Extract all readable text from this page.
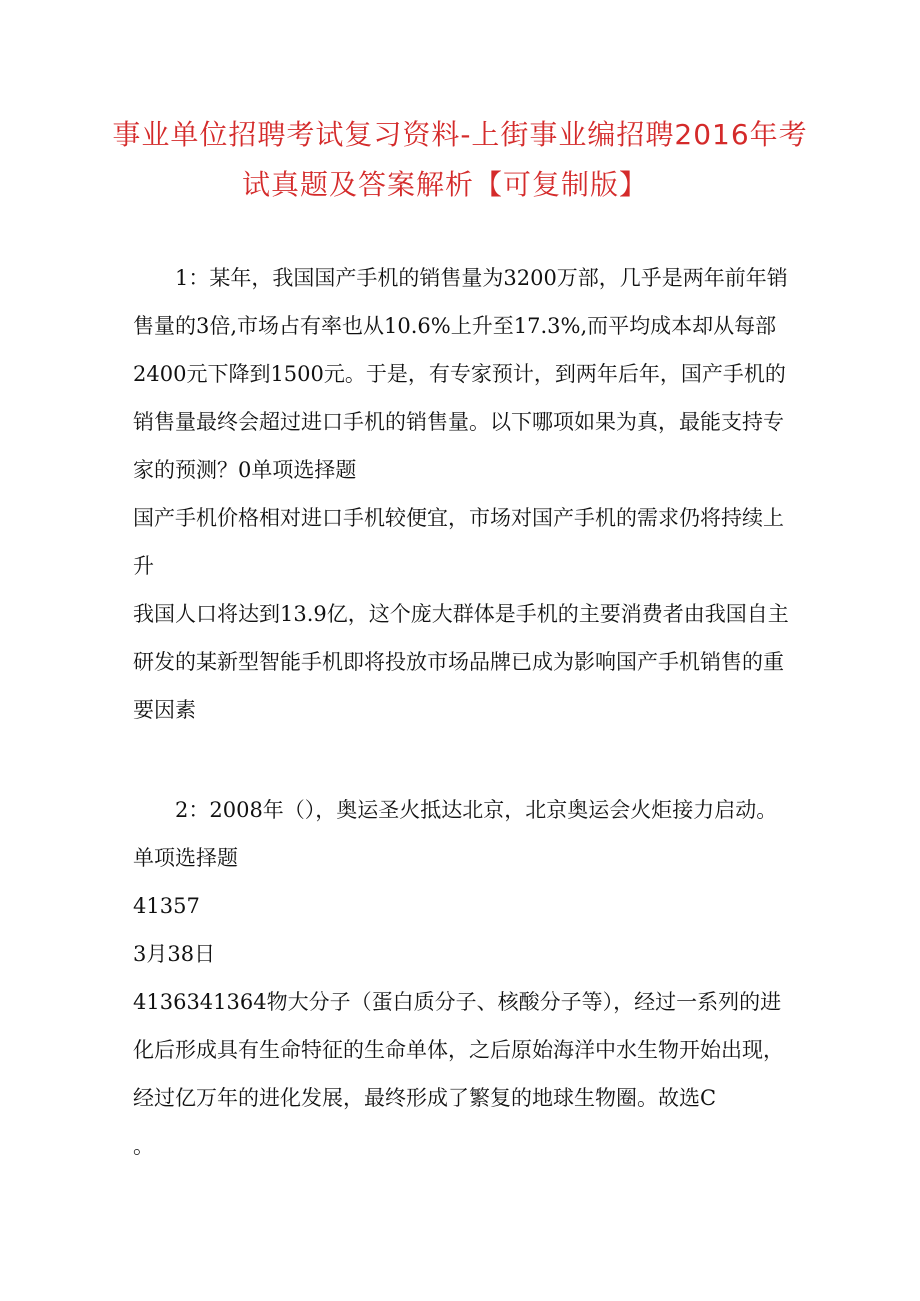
事业单位招聘考试复习资料-上街事业编招聘2016年考
试真题及答案解析【可复制版】

1：某年，我国国产手机的销售量为3200万部，几乎是两年前年销售量的3倍,市场占有率也从10.6%上升至17.3%,而平均成本却从每部2400元下降到1500元。于是，有专家预计，到两年后年，国产手机的销售量最终会超过进口手机的销售量。以下哪项如果为真，最能支持专家的预测？0单项选择题

国产手机价格相对进口手机较便宜，市场对国产手机的需求仍将持续上升

我国人口将达到13.9亿，这个庞大群体是手机的主要消费者由我国自主研发的某新型智能手机即将投放市场品牌已成为影响国产手机销售的重要因素

2：2008年（），奥运圣火抵达北京，北京奥运会火炬接力启动。单项选择题

41357

3月38日

4136341364物大分子（蛋白质分子、核酸分子等），经过一系列的进化后形成具有生命特征的生命单体，之后原始海洋中水生物开始出现，经过亿万年的进化发展，最终形成了繁复的地球生物圈。故选C

。
